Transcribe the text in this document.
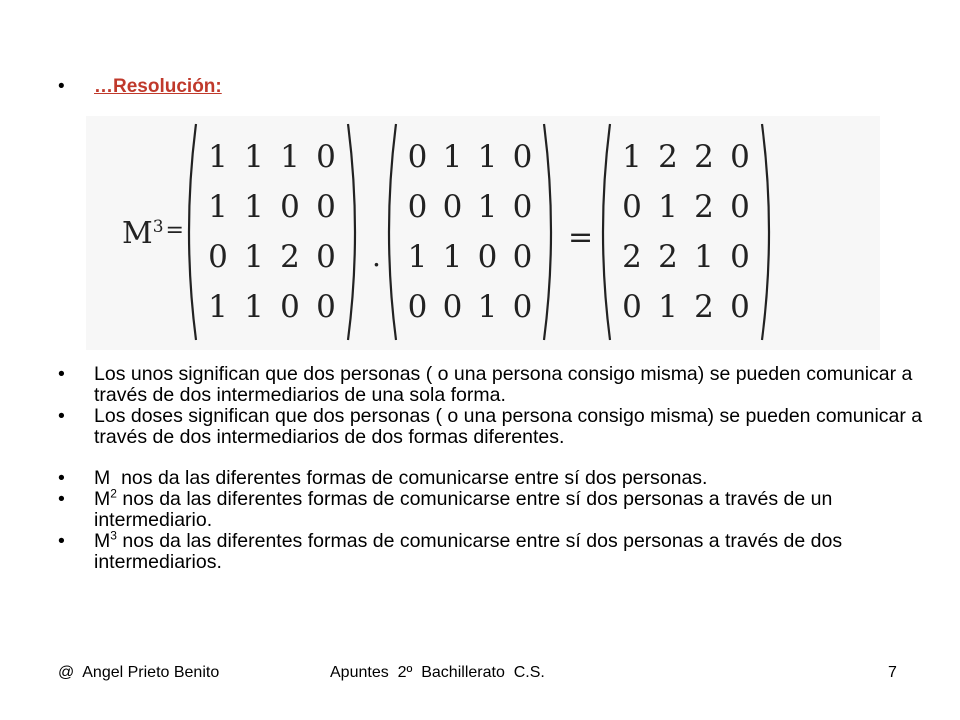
• …Resolución:
$M^{3=}$
1 1 1 0
1 1 0 0
0 1 2 0
1 1 0 0
.
0 1 1 0
0 0 1 0
1 1 0 0
0 0 1 0
=
1 2 2 0
0 1 2 0
2 2 1 0
0 1 2 0
•	Los unos significan que dos personas ( o una persona consigo misma) se pueden comunicar a través de dos intermediarios de una sola forma.
•	Los doses significan que dos personas ( o una persona consigo misma) se pueden comunicar a través de dos intermediarios de dos formas diferentes.
•	M  nos da las diferentes formas de comunicarse entre sí dos personas.
•	$M^2$ nos da las diferentes formas de comunicarse entre sí dos personas a través de un intermediario.
•	$M^3$ nos da las diferentes formas de comunicarse entre sí dos personas a través de dos intermediarios.
@  Angel Prieto Benito	Apuntes  2º  Bachillerato  C.S.	7
